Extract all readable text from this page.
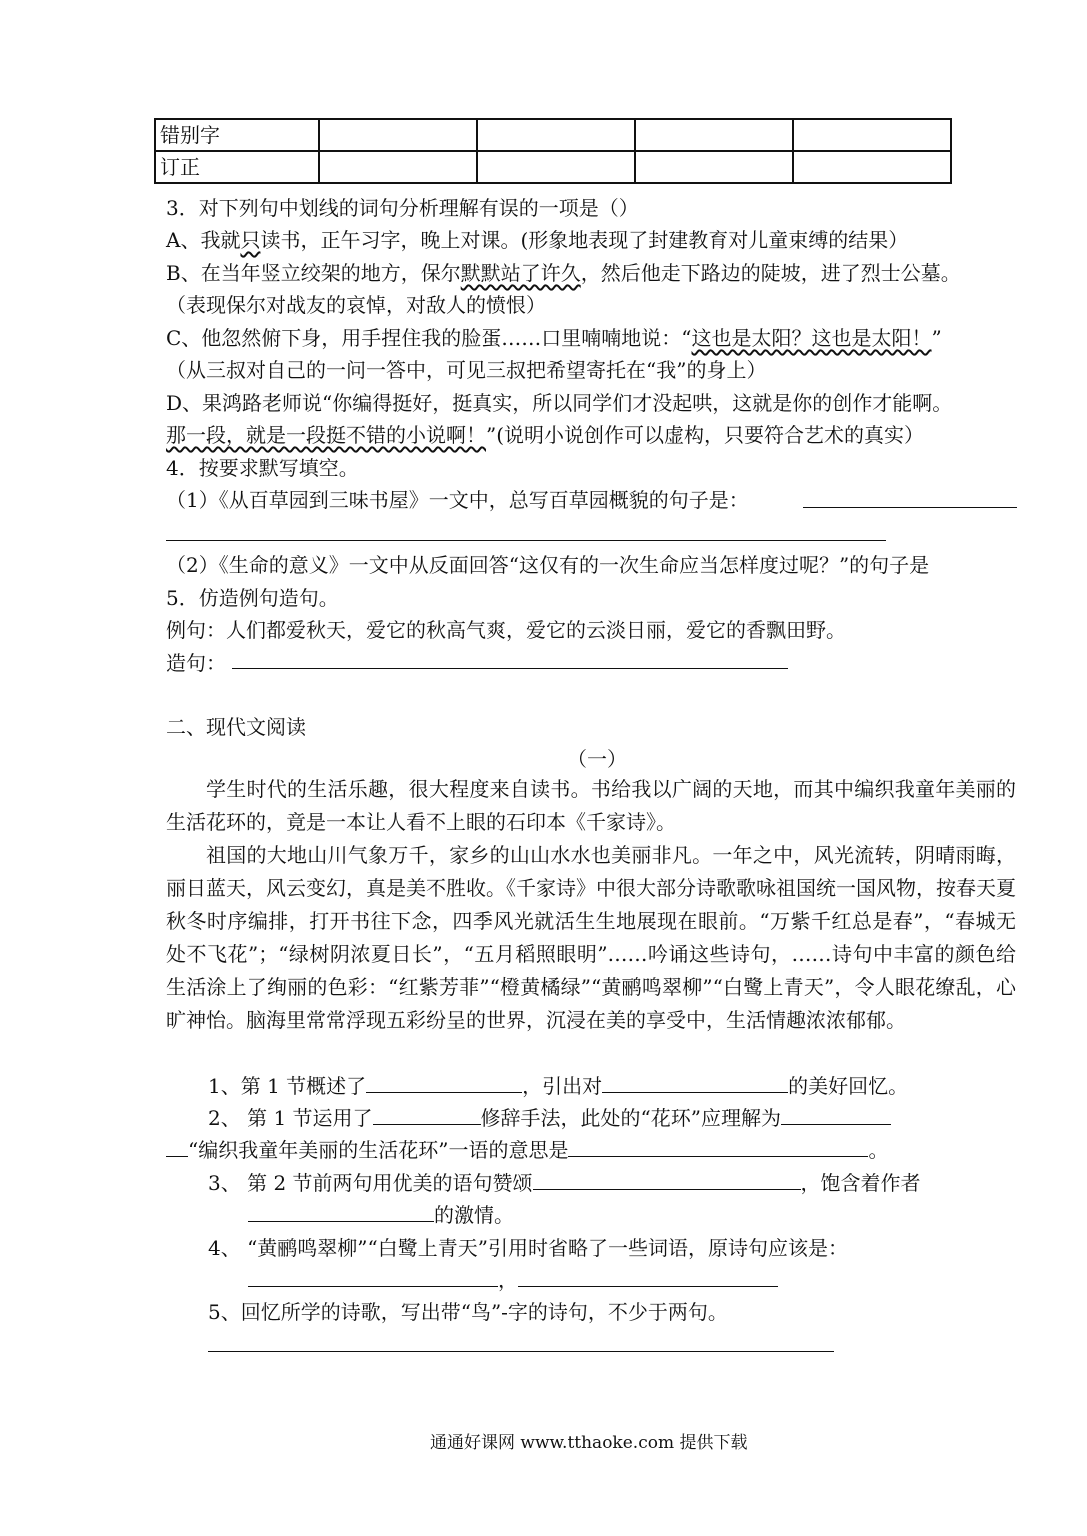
错别字				
订正				
3．对下列句中划线的词句分析理解有误的一项是（）
A、我就只读书，正午习字，晚上对课。(形象地表现了封建教育对儿童束缚的结果）
B、在当年竖立绞架的地方，保尔默默站了许久，然后他走下路边的陡坡，进了烈士公墓。
（表现保尔对战友的哀悼，对敌人的愤恨）
C、他忽然俯下身，用手捏住我的脸蛋……口里喃喃地说：“这也是太阳？这也是太阳！”
（从三叔对自己的一问一答中，可见三叔把希望寄托在“我”的身上）
D、果鸿路老师说“你编得挺好，挺真实，所以同学们才没起哄，这就是你的创作才能啊。
那一段，就是一段挺不错的小说啊！”(说明小说创作可以虚构，只要符合艺术的真实）
4．按要求默写填空。
（1）《从百草园到三味书屋》一文中，总写百草园概貌的句子是：
（2）《生命的意义》一文中从反面回答“这仅有的一次生命应当怎样度过呢？”的句子是
5．仿造例句造句。
例句：人们都爱秋天，爱它的秋高气爽，爱它的云淡日丽，爱它的香飘田野。
造句：
二、现代文阅读
（一）
学生时代的生活乐趣，很大程度来自读书。书给我以广阔的天地，而其中编织我童年美丽的生活花环的，竟是一本让人看不上眼的石印本《千家诗》。
祖国的大地山川气象万千，家乡的山山水水也美丽非凡。一年之中，风光流转，阴晴雨晦，丽日蓝天，风云变幻，真是美不胜收。《千家诗》中很大部分诗歌歌咏祖国统一国风物，按春天夏秋冬时序编排，打开书往下念，四季风光就活生生地展现在眼前。“万紫千红总是春”，“春城无处不飞花”；“绿树阴浓夏日长”，“五月稻照眼明”……吟诵这些诗句，……诗句中丰富的颜色给生活涂上了绚丽的色彩：“红紫芳菲”“橙黄橘绿”“黄鹂鸣翠柳”“白鹭上青天”，令人眼花缭乱，心旷神怡。脑海里常常浮现五彩纷呈的世界，沉浸在美的享受中，生活情趣浓浓郁郁。
1、第 1 节概述了	，引出对	的美好回忆。
2、 第 1 节运用了	修辞手法，此处的“花环”应理解为
“编织我童年美丽的生活花环”一语的意思是	。
3、 第 2 节前两句用优美的语句赞颂	，饱含着作者
的激情。
4、 “黄鹂鸣翠柳”“白鹭上青天”引用时省略了一些词语，原诗句应该是：
，
5、回忆所学的诗歌，写出带“鸟”-字的诗句，不少于两句。
通通好课网 www.tthaoke.com 提供下载
